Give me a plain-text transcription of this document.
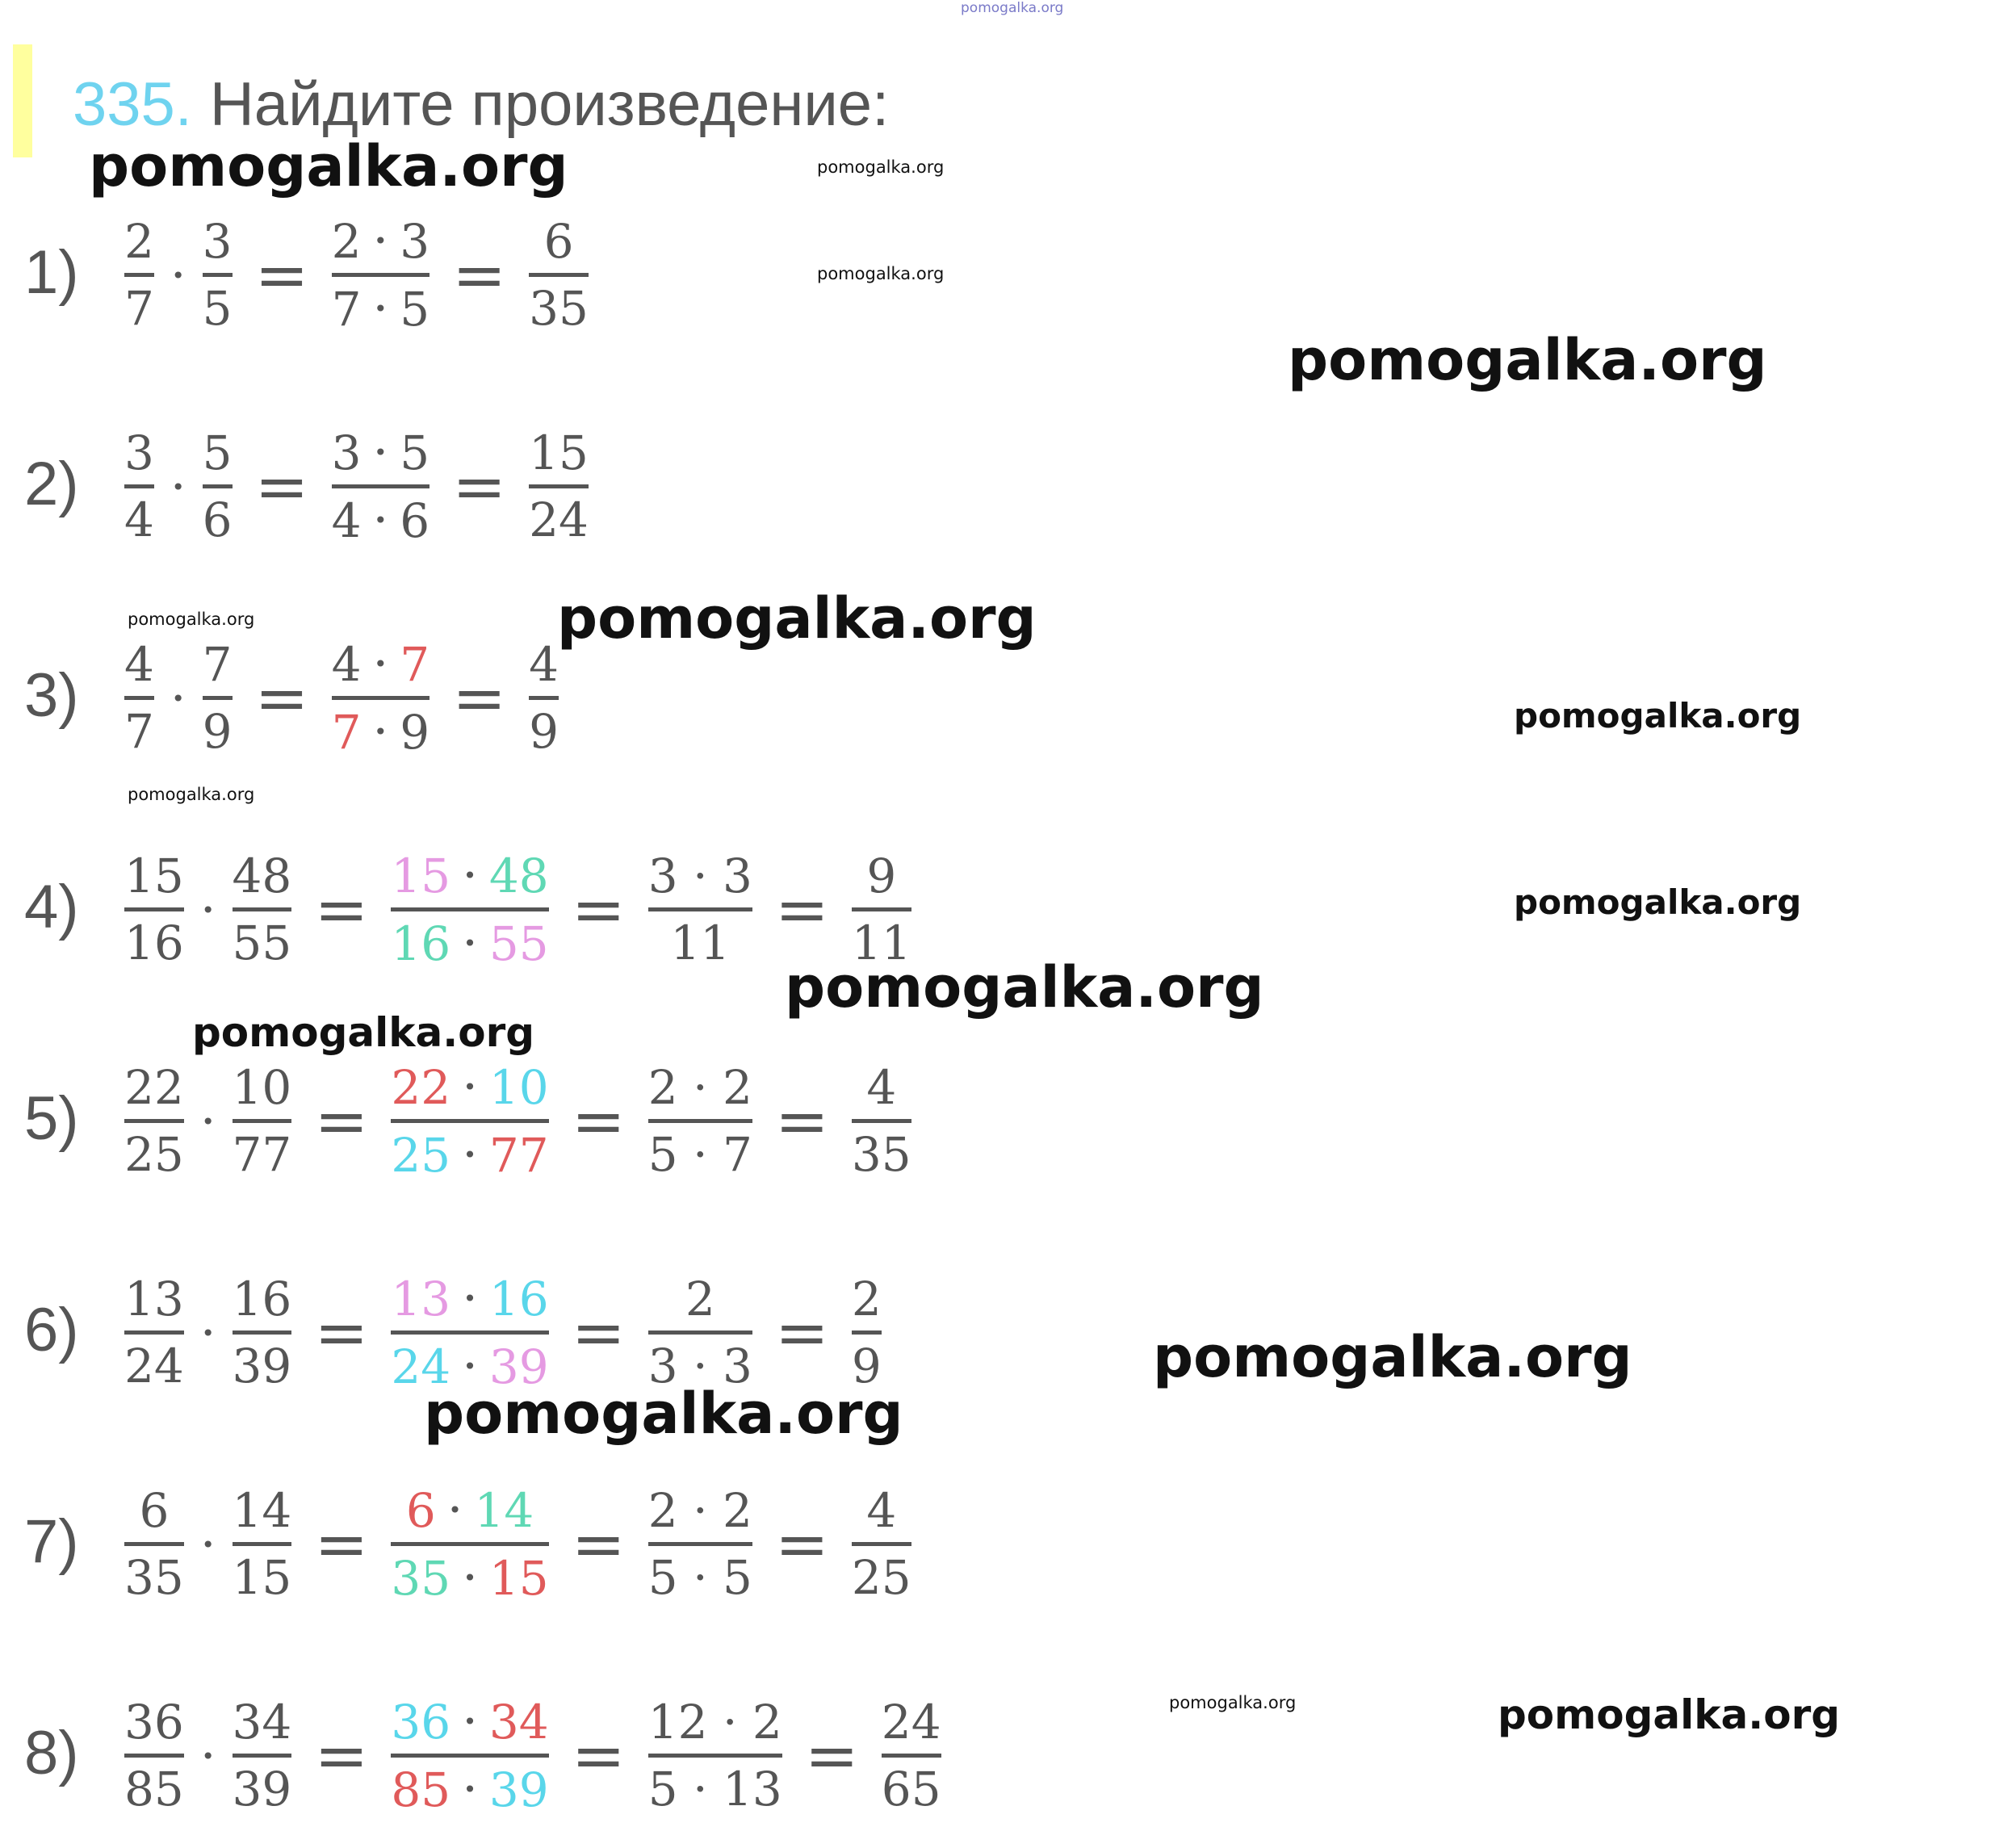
335. Найдите произведение:
1) 2
7
·
3
5 = 2 · 3
7 · 5 = 6
35
2) 3
4
·
5
6 = 3 · 5
4 · 6 = 15
24
3) 4
7
·
7
9 = 4 · 7
7 · 9 = 4
9
4) 15
16
·
48
55 = 15 · 48
16 · 55 = 3 · 3
11 = 9
11
5) 22
25
·
10
77 = 22 · 10
25 · 77 = 2 · 2
5 · 7 = 4
35
6) 13
24
·
16
39 = 13 · 16
24 · 39 =	2
3 · 3 = 2
9
7) 6
35
·
14
15 = 6 · 14
35 · 15 = 2 · 2
5 · 5 = 4
25
8) 36
85
·
34
39 = 36 · 34
85 · 39 = 12 · 2
5 · 13 = 24
65
pomogalka.org
pomogalka.org	pomogalka.org
pomogalka.org
pomogalka.org
pomogalka.org	pomogalka.org
pomogalka.org
pomogalka.org
pomogalka.org
pomogalka.org
pomogalka.org
pomogalka.org
pomogalka.org
pomogalka.org	pomogalka.org
